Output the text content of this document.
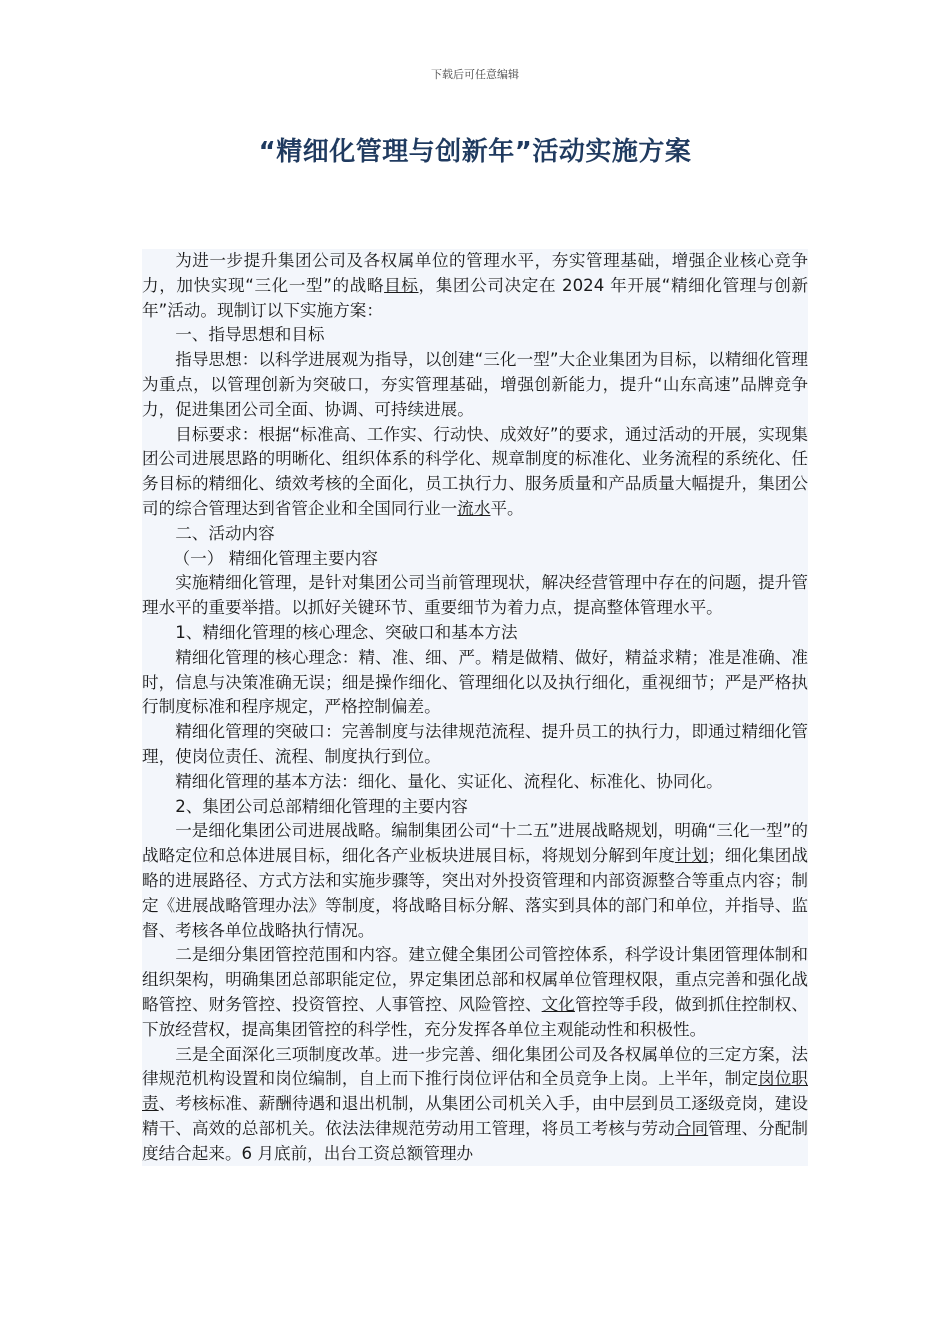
下载后可任意编辑
“精细化管理与创新年”活动实施方案

为进一步提升集团公司及各权属单位的管理水平，夯实管理基础，增强企业核心竞争力，加快实现“三化一型”的战略目标，集团公司决定在 2024 年开展“精细化管理与创新年”活动。现制订以下实施方案：

一、指导思想和目标

指导思想：以科学进展观为指导，以创建“三化一型”大企业集团为目标，以精细化管理为重点，以管理创新为突破口，夯实管理基础，增强创新能力，提升“山东高速”品牌竞争力，促进集团公司全面、协调、可持续进展。

目标要求：根据“标准高、工作实、行动快、成效好”的要求，通过活动的开展，实现集团公司进展思路的明晰化、组织体系的科学化、规章制度的标准化、业务流程的系统化、任务目标的精细化、绩效考核的全面化，员工执行力、服务质量和产品质量大幅提升，集团公司的综合管理达到省管企业和全国同行业一流水平。

二、活动内容

（一） 精细化管理主要内容

实施精细化管理，是针对集团公司当前管理现状，解决经营管理中存在的问题，提升管理水平的重要举措。以抓好关键环节、重要细节为着力点，提高整体管理水平。

1、精细化管理的核心理念、突破口和基本方法

精细化管理的核心理念：精、准、细、严。精是做精、做好，精益求精；准是准确、准时，信息与决策准确无误；细是操作细化、管理细化以及执行细化，重视细节；严是严格执行制度标准和程序规定，严格控制偏差。

精细化管理的突破口：完善制度与法律规范流程、提升员工的执行力，即通过精细化管理，使岗位责任、流程、制度执行到位。

精细化管理的基本方法：细化、量化、实证化、流程化、标准化、协同化。

2、集团公司总部精细化管理的主要内容

一是细化集团公司进展战略。编制集团公司“十二五”进展战略规划，明确“三化一型”的战略定位和总体进展目标，细化各产业板块进展目标，将规划分解到年度计划；细化集团战略的进展路径、方式方法和实施步骤等，突出对外投资管理和内部资源整合等重点内容；制定《进展战略管理办法》等制度，将战略目标分解、落实到具体的部门和单位，并指导、监督、考核各单位战略执行情况。

二是细分集团管控范围和内容。建立健全集团公司管控体系，科学设计集团管理体制和组织架构，明确集团总部职能定位，界定集团总部和权属单位管理权限，重点完善和强化战略管控、财务管控、投资管控、人事管控、风险管控、文化管控等手段，做到抓住控制权、下放经营权，提高集团管控的科学性，充分发挥各单位主观能动性和积极性。

三是全面深化三项制度改革。进一步完善、细化集团公司及各权属单位的三定方案，法律规范机构设置和岗位编制，自上而下推行岗位评估和全员竞争上岗。上半年，制定岗位职责、考核标准、薪酬待遇和退出机制，从集团公司机关入手，由中层到员工逐级竞岗，建设精干、高效的总部机关。依法法律规范劳动用工管理，将员工考核与劳动合同管理、分配制度结合起来。6 月底前，出台工资总额管理办
